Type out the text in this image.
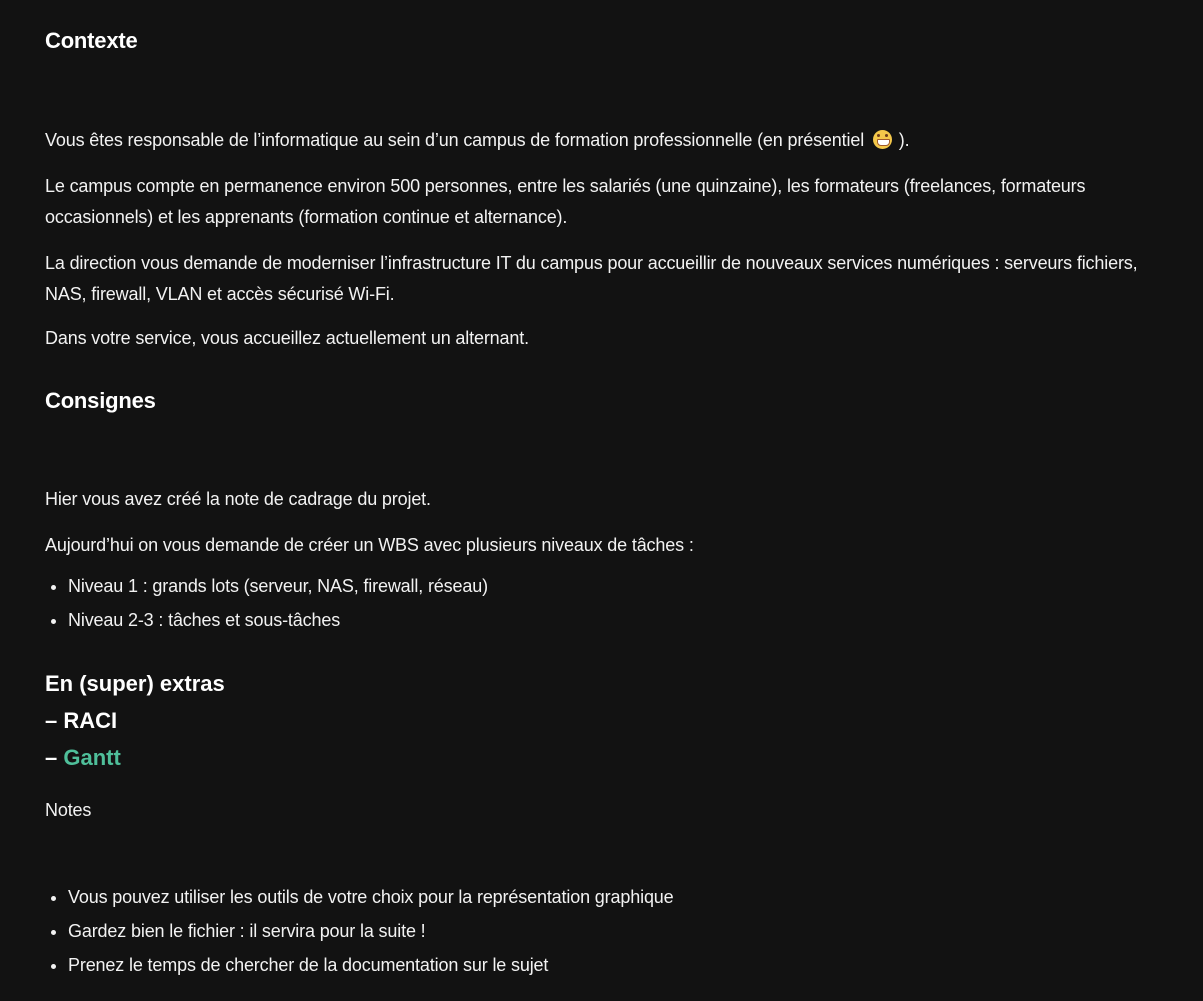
Contexte

Vous êtes responsable de l’informatique au sein d’un campus de formation professionnelle (en présentiel  ).

Le campus compte en permanence environ 500 personnes, entre les salariés (une quinzaine), les formateurs (freelances, formateurs occasionnels) et les apprenants (formation continue et alternance).

La direction vous demande de moderniser l’infrastructure IT du campus pour accueillir de nouveaux services numériques : serveurs fichiers, NAS, firewall, VLAN et accès sécurisé Wi-Fi.

Dans votre service, vous accueillez actuellement un alternant.

Consignes

Hier vous avez créé la note de cadrage du projet.

Aujourd’hui on vous demande de créer un WBS avec plusieurs niveaux de tâches :

• Niveau 1 : grands lots (serveur, NAS, firewall, réseau)
• Niveau 2-3 : tâches et sous-tâches
En (super) extras
– RACI
– Gantt

Notes

• Vous pouvez utiliser les outils de votre choix pour la représentation graphique
• Gardez bien le fichier : il servira pour la suite !
• Prenez le temps de chercher de la documentation sur le sujet
